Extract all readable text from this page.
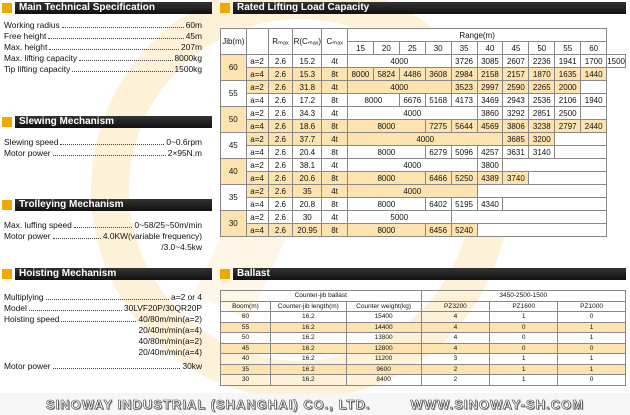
Main Technical Specification
Working radius	60m
Free height	45m
Max. height	207m
Max. lifting capacity	8000kg
Tip lifting capacity	1500kg
Slewing Mechanism
Slewing speed	0~0.6rpm
Motor power	2×95N.m
Trolleying Mechanism
Max. luffing speed	0~58/25~50m/min
Motor power	4.0KW(variable frequency)
/3.0~4.5kw
Hoisting Mechanism
Multiplying	a=2 or 4
Model	30LVF20P/30QR20P
Hoisting speed	40/80m/min(a=2)
20/40m/min(a=4)
40/80m/min(a=2)
20/40m/min(a=4)
Motor power	30kw
Rated Lifting Load Capacity
Jib(m)		Rₘₐₓ	R(Cₘₐₓ)	Cₘₐₓ	Range(m)										
					15	20	25	30	35	40	45	50	55	60	
60	a=2	2.6	15.2	4t	4000				3726	3085	2607	2236	1941	1700	1500
	a=4	2.6	15.3	8t	8000	5824	4486	3608	2984	2158	2157	1870	1635	1440	
55	a=2	2.6	31.8	4t	4000				3523	2997	2590	2265	2000		
	a=4	2.6	17.2	8t	8000		6676	5168	4173	3469	2943	2536	2106	1940	
50	a=2	2.6	34.3	4t	4000					3860	3292	2851	2500		
	a=4	2.6	18.6	8t	8000			7275	5644	4569	3806	3238	2797	2440	
45	a=2	2.6	37.7	4t	4000						3685	3200			
	a=4	2.6	20.4	8t	8000			6279	5096	4257	3631	3140			
40	a=2	2.6	38.1	4t	4000					3800					
	a=4	2.6	20.6	8t	8000			6466	5250	4389	3740				
35	a=2	2.6	35	4t	4000										
	a=4	2.6	20.8	8t	8000			6402	5195	4340					
30	a=2	2.6	30	4t	5000										
	a=4	2.6	20.95	8t	8000			6456	5240						
Ballast
Counter-jib ballast			3450-2500-1500		
Boom(m)	Counter-jib length(m)	Counter weight(kg)	PZ3200	PZ1600	PZ1000
60	16.2	15400	4	1	0
55	16.2	14400	4	0	1
50	16.2	13800	4	0	1
45	16.2	12800	4	0	0
40	16.2	11200	3	1	1
35	16.2	9600	2	1	1
30	16.2	8400	2	1	0
SINOWAY INDUSTRIAL (SHANGHAI) CO., LTD.	WWW.SINOWAY-SH.COM
